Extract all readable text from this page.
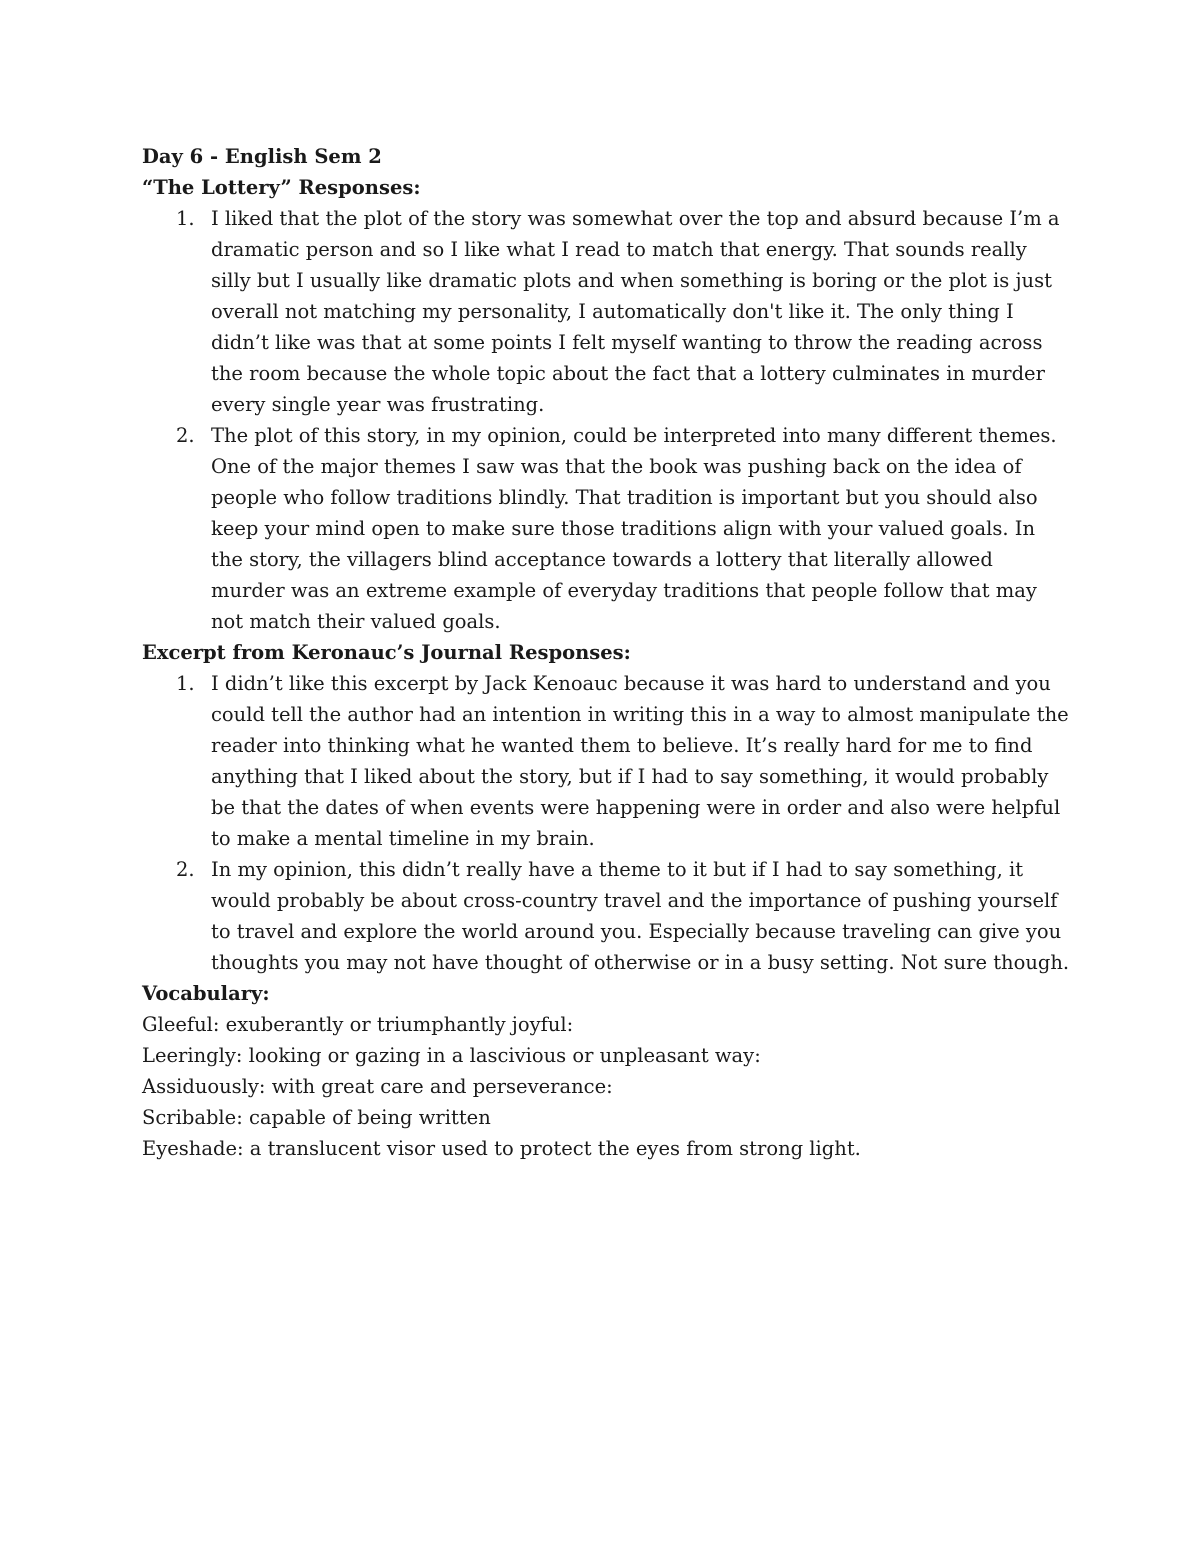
Day 6 - English Sem 2
“The Lottery” Responses:
1. I liked that the plot of the story was somewhat over the top and absurd because I’m a dramatic person and so I like what I read to match that energy. That sounds really silly but I usually like dramatic plots and when something is boring or the plot is just overall not matching my personality, I automatically don't like it. The only thing I didn’t like was that at some points I felt myself wanting to throw the reading across the room because the whole topic about the fact that a lottery culminates in murder every single year was frustrating.
2. The plot of this story, in my opinion, could be interpreted into many different themes. One of the major themes I saw was that the book was pushing back on the idea of people who follow traditions blindly. That tradition is important but you should also keep your mind open to make sure those traditions align with your valued goals. In the story, the villagers blind acceptance towards a lottery that literally allowed murder was an extreme example of everyday traditions that people follow that may not match their valued goals.
Excerpt from Keronauc’s Journal Responses:
1. I didn’t like this excerpt by Jack Kenoauc because it was hard to understand and you could tell the author had an intention in writing this in a way to almost manipulate the reader into thinking what he wanted them to believe. It’s really hard for me to find anything that I liked about the story, but if I had to say something, it would probably be that the dates of when events were happening were in order and also were helpful to make a mental timeline in my brain.
2. In my opinion, this didn’t really have a theme to it but if I had to say something, it would probably be about cross-country travel and the importance of pushing yourself to travel and explore the world around you. Especially because traveling can give you thoughts you may not have thought of otherwise or in a busy setting. Not sure though.
Vocabulary:
Gleeful: exuberantly or triumphantly joyful:
Leeringly: looking or gazing in a lascivious or unpleasant way:
Assiduously: with great care and perseverance:
Scribable: capable of being written
Eyeshade: a translucent visor used to protect the eyes from strong light.
